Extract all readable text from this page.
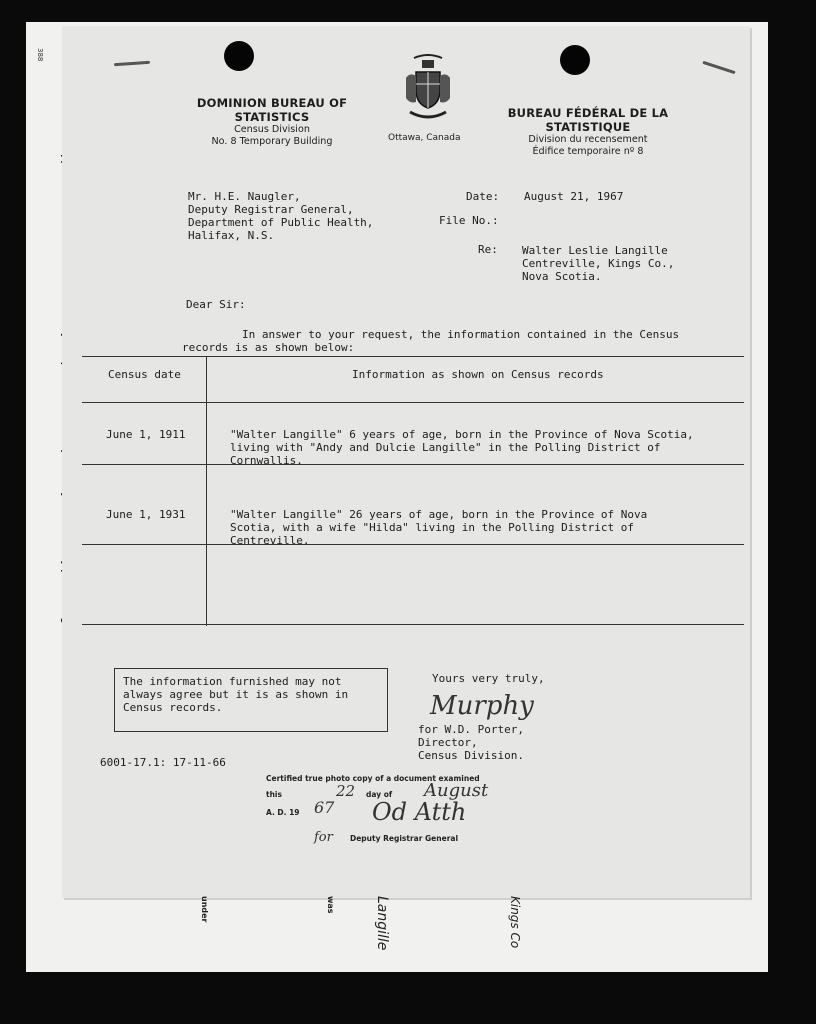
388
DOMINION BUREAU OF STATISTICS
Census Division
No. 8 Temporary Building	Ottawa, Canada
BUREAU FÉDÉRAL DE LA STATISTIQUE
Division du recensement
Édifice temporaire nº 8
Mr. H.E. Naugler,
Deputy Registrar General,
Department of Public Health,
Halifax, N.S.
Date: August 21, 1967
File No.:
Re: Walter Leslie Langille
Centreville, Kings Co.,
Nova Scotia.
Dear Sir:
In answer to your request, the information contained in the Census records is as shown below:
Census date	Information as shown on Census records
June 1, 1911	"Walter Langille" 6 years of age, born in the Province of Nova Scotia, living with "Andy and Dulcie Langille" in the Polling District of Cornwallis.
June 1, 1931	"Walter Langille" 26 years of age, born in the Province of Nova Scotia, with a wife "Hilda" living in the Polling District of Centreville.
The information furnished may not always agree but it is as shown in Census records.
Yours very truly,
Murphy
for W.D. Porter,
Director,
Census Division.
6001-17.1: 17-11-66
Certified true photo copy of a document examined
this	22 day of August
A. D. 19 67 Od Atth
for Deputy Registrar General
under	was	Langille	Kings Co
